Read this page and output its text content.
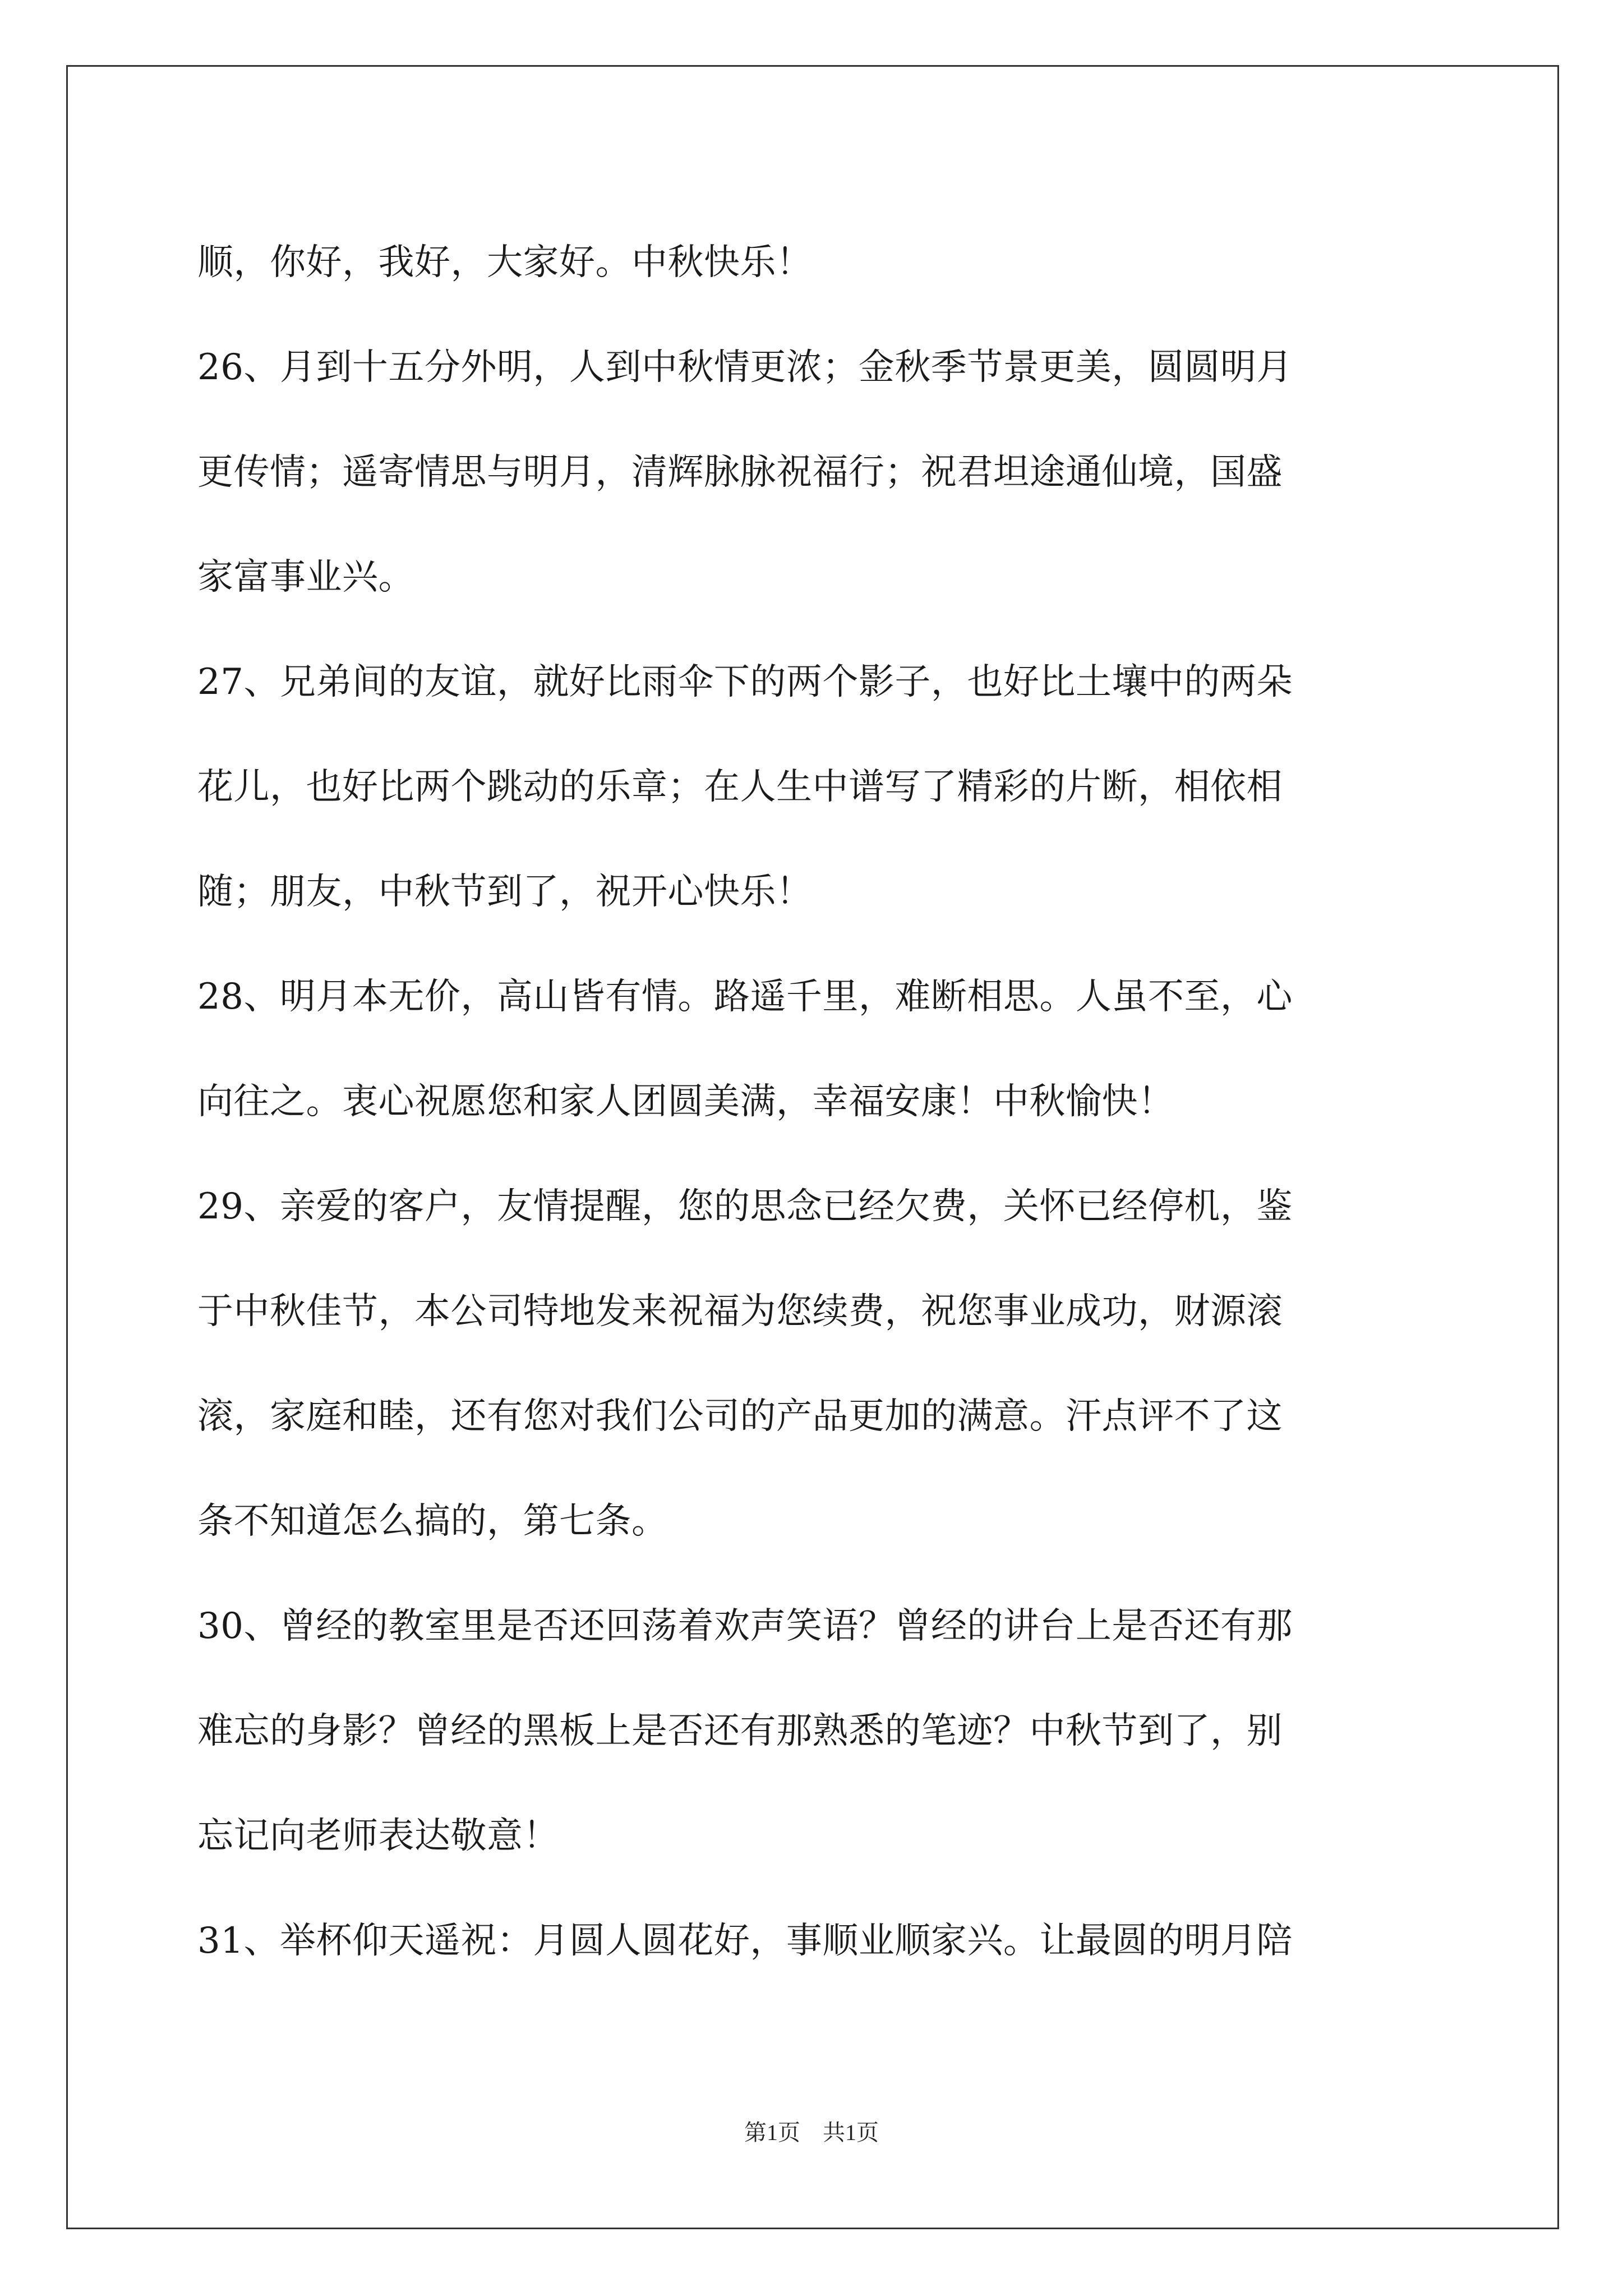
顺，你好，我好，大家好。中秋快乐！
26、月到十五分外明，人到中秋情更浓；金秋季节景更美，圆圆明月
更传情；遥寄情思与明月，清辉脉脉祝福行；祝君坦途通仙境，国盛
家富事业兴。
27、兄弟间的友谊，就好比雨伞下的两个影子，也好比土壤中的两朵
花儿，也好比两个跳动的乐章；在人生中谱写了精彩的片断，相依相
随；朋友，中秋节到了，祝开心快乐！
28、明月本无价，高山皆有情。路遥千里，难断相思。人虽不至，心
向往之。衷心祝愿您和家人团圆美满，幸福安康！中秋愉快！
29、亲爱的客户，友情提醒，您的思念已经欠费，关怀已经停机，鉴
于中秋佳节，本公司特地发来祝福为您续费，祝您事业成功，财源滚
滚，家庭和睦，还有您对我们公司的产品更加的满意。汗点评不了这
条不知道怎么搞的，第七条。
30、曾经的教室里是否还回荡着欢声笑语？曾经的讲台上是否还有那
难忘的身影？曾经的黑板上是否还有那熟悉的笔迹？中秋节到了，别
忘记向老师表达敬意！
31、举杯仰天遥祝：月圆人圆花好，事顺业顺家兴。让最圆的明月陪
第1页　共1页
